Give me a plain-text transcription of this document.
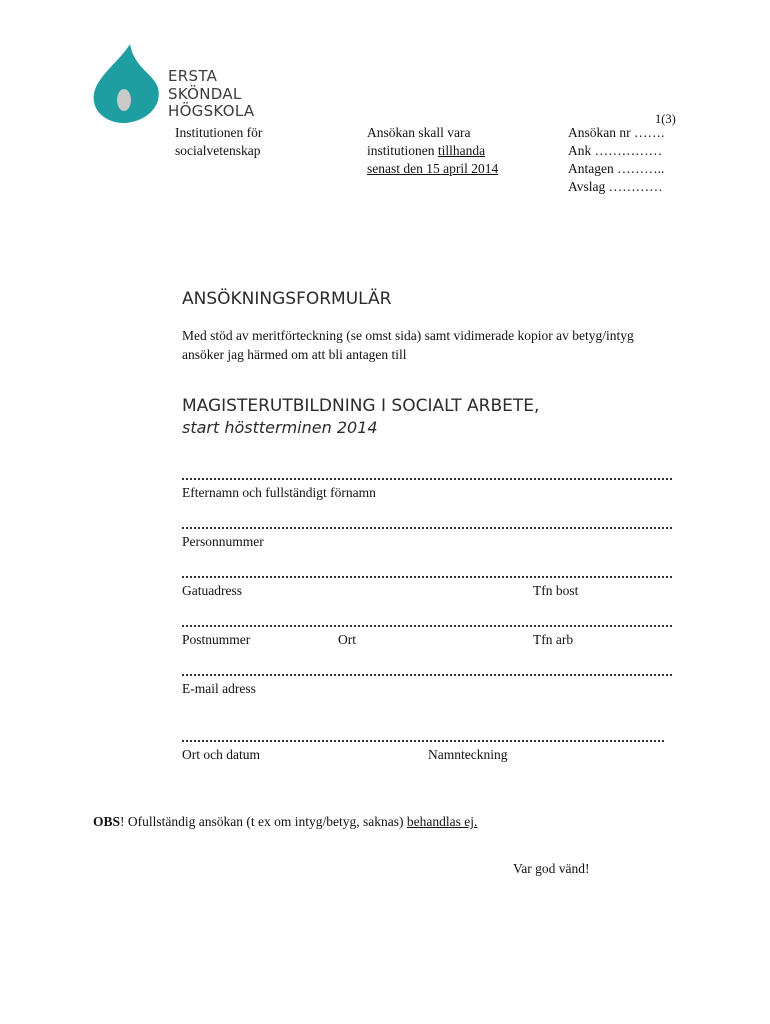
ERSTA
SKÖNDAL
HÖGSKOLA	1(3)
Institutionen för
socialvetenskap
Ansökan skall vara
institutionen tillhanda
senast den 15 april 2014
Ansökan nr …….
Ank ……………
Antagen ………..
Avslag …………
ANSÖKNINGSFORMULÄR
Med stöd av meritförteckning (se omst sida) samt vidimerade kopior av betyg/intyg ansöker jag härmed om att bli antagen till
MAGISTERUTBILDNING I SOCIALT ARBETE,
start höstterminen 2014
Efternamn och fullständigt förnamn
Personnummer
Gatuadress	Tfn bost
Postnummer	Ort	Tfn arb
E-mail adress
Ort och datum	Namnteckning
OBS! Ofullständig ansökan (t ex om intyg/betyg, saknas) behandlas ej.
Var god vänd!
